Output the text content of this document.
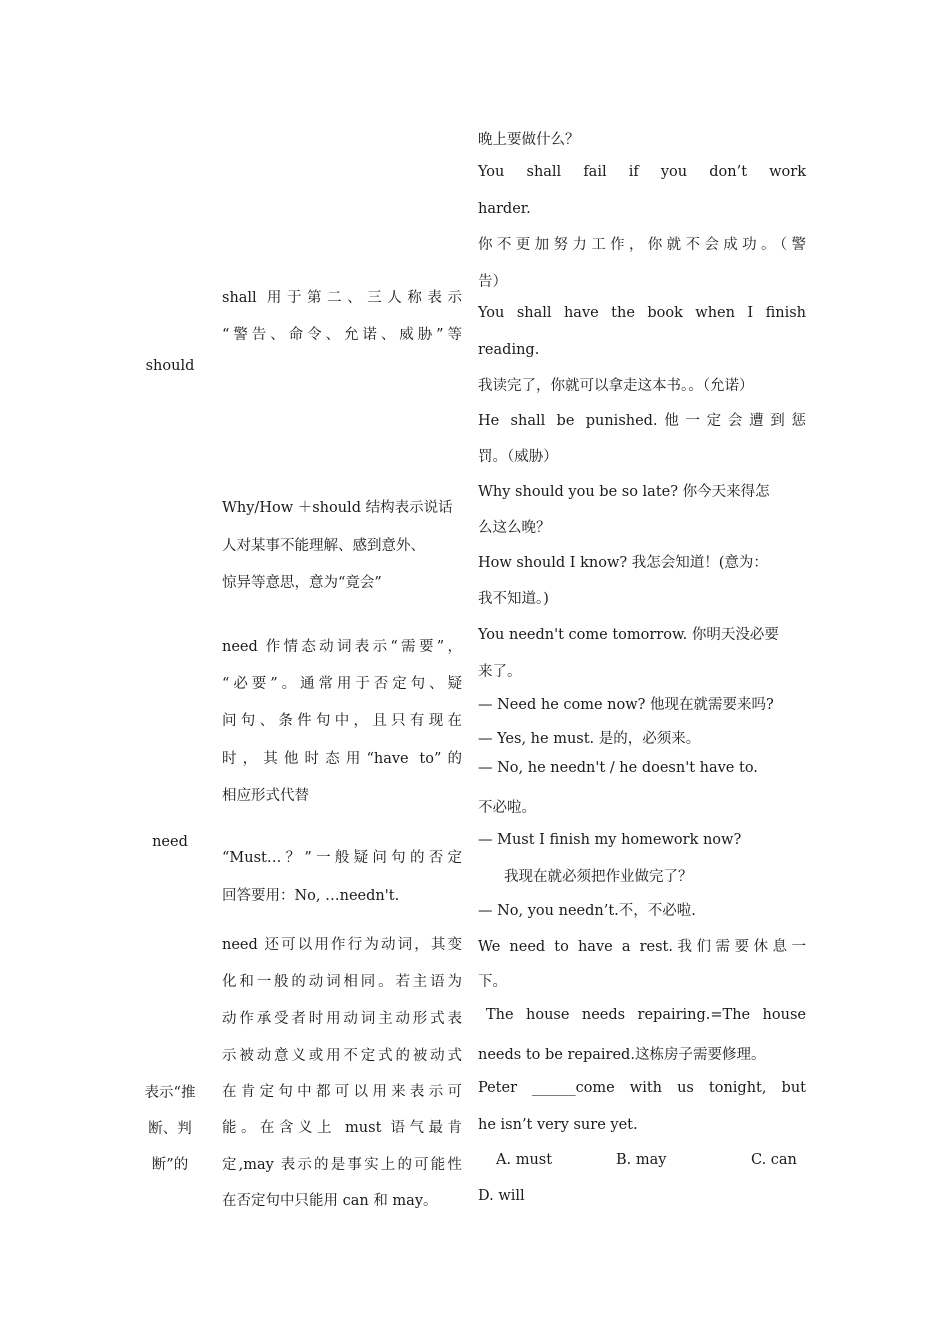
should
need
表示“推
断、判
断”的
shall 用于第二、三人称表示
“警告、命令、允诺、威胁”等
Why/How ＋should 结构表示说话
人对某事不能理解、感到意外、
惊异等意思，意为“竟会”
need 作情态动词表示“需要”，
“必要”。通常用于否定句、疑
问句、条件句中，且只有现在
时，其他时态用“have to”的
相应形式代替
“Must…？”一般疑问句的否定
回答要用：No, …needn't.
need 还可以用作行为动词，其变
化和一般的动词相同。若主语为
动作承受者时用动词主动形式表
示被动意义或用不定式的被动式
在肯定句中都可以用来表示可
能。在含义上 must 语气最肯
定,may 表示的是事实上的可能性
在否定句中只能用 can 和 may。
晚上要做什么？
You shall fail if you don’t work
harder.
你不更加努力工作，你就不会成功。（警
告）
You shall have the book when I finish
reading.
我读完了，你就可以拿走这本书。。（允诺）
He shall be punished.他一定会遭到惩
罚。（威胁）
Why should you be so late? 你今天来得怎
么这么晚？
How should I know? 我怎会知道！(意为：
我不知道。)
You needn't come tomorrow. 你明天没必要
来了。
— Need he come now? 他现在就需要来吗?
— Yes, he must. 是的，必须来。
— No, he needn't / he doesn't have to.
不必啦。
— Must I finish my homework now?
我现在就必须把作业做完了？
— No, you needn’t.不，不必啦.
We need to have a rest.我们需要休息一
下。
The house needs repairing.=The house
needs to be repaired.这栋房子需要修理。
Peter ______come with us tonight, but
he isn’t very sure yet.
A. must	B. may	C. can
D. will
